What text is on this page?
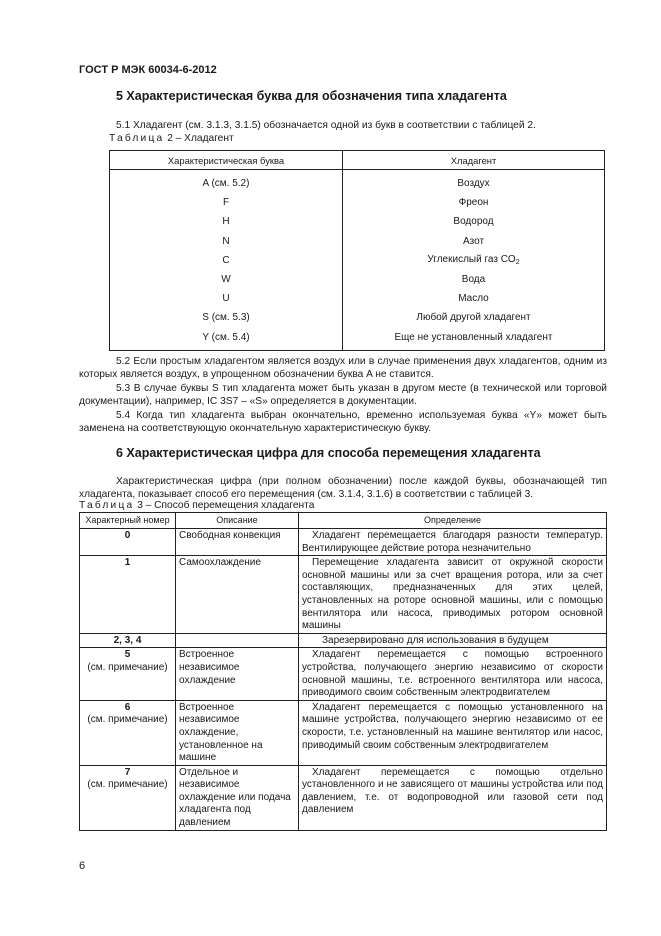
ГОСТ Р МЭК 60034-6-2012
5 Характеристическая буква для обозначения типа хладагента
5.1 Хладагент (см. 3.1.3, 3.1.5) обозначается одной из букв в соответствии с таблицей 2.
Таблица 2 – Хладагент
Характеристическая буква	Хладагент
A (см. 5.2)	Воздух
F	Фреон
H	Водород
N	Азот
C	Углекислый газ $CO_2$
W	Вода
U	Масло
S (см. 5.3)	Любой другой хладагент
Y (см. 5.4)	Еще не установленный хладагент
5.2 Если простым хладагентом является воздух или в случае применения двух хладагентов, одним из которых является воздух, в упрощенном обозначении буква A не ставится.
5.3 В случае буквы S тип хладагента может быть указан в другом месте (в технической или торговой документации), например, IC 3S7 – «S» определяется в документации.
5.4 Когда тип хладагента выбран окончательно, временно используемая буква «Y» может быть заменена на соответствующую окончательную характеристическую букву.
6 Характеристическая цифра для способа перемещения хладагента
Характеристическая цифра (при полном обозначении) после каждой буквы, обозначающей тип хладагента, показывает способ его перемещения (см. 3.1.4, 3.1.6) в соответствии с таблицей 3.
Таблица 3 – Способ перемещения хладагента
Характерный номер	Описание	Определение
0	Свободная конвекция	Хладагент перемещается благодаря разности температур. Вентилирующее действие ротора незначительно
1	Самоохлаждение	Перемещение хладагента зависит от окружной скорости основной машины или за счет вращения ротора, или за счет составляющих, предназначенных для этих целей, установленных на роторе основной машины, или с помощью вентилятора или насоса, приводимых ротором основной машины
2, 3, 4		Зарезервировано для использования в будущем
5
(см. примечание)	Встроенное независимое охлаждение	Хладагент перемещается с помощью встроенного устройства, получающего энергию независимо от скорости основной машины, т.е. встроенного вентилятора или насоса, приводимого своим собственным электродвигателем
6
(см. примечание)	Встроенное независимое охлаждение, установленное на машине	Хладагент перемещается с помощью установленного на машине устройства, получающего энергию независимо от ее скорости, т.е. установленный на машине вентилятор или насос, приводимый своим собственным электродвигателем
7
(см. примечание)	Отдельное и независимое охлаждение или подача хладагента под давлением	Хладагент перемещается с помощью отдельно установленного и не зависящего от машины устройства или под давлением, т.е. от водопроводной или газовой сети под давлением
6
